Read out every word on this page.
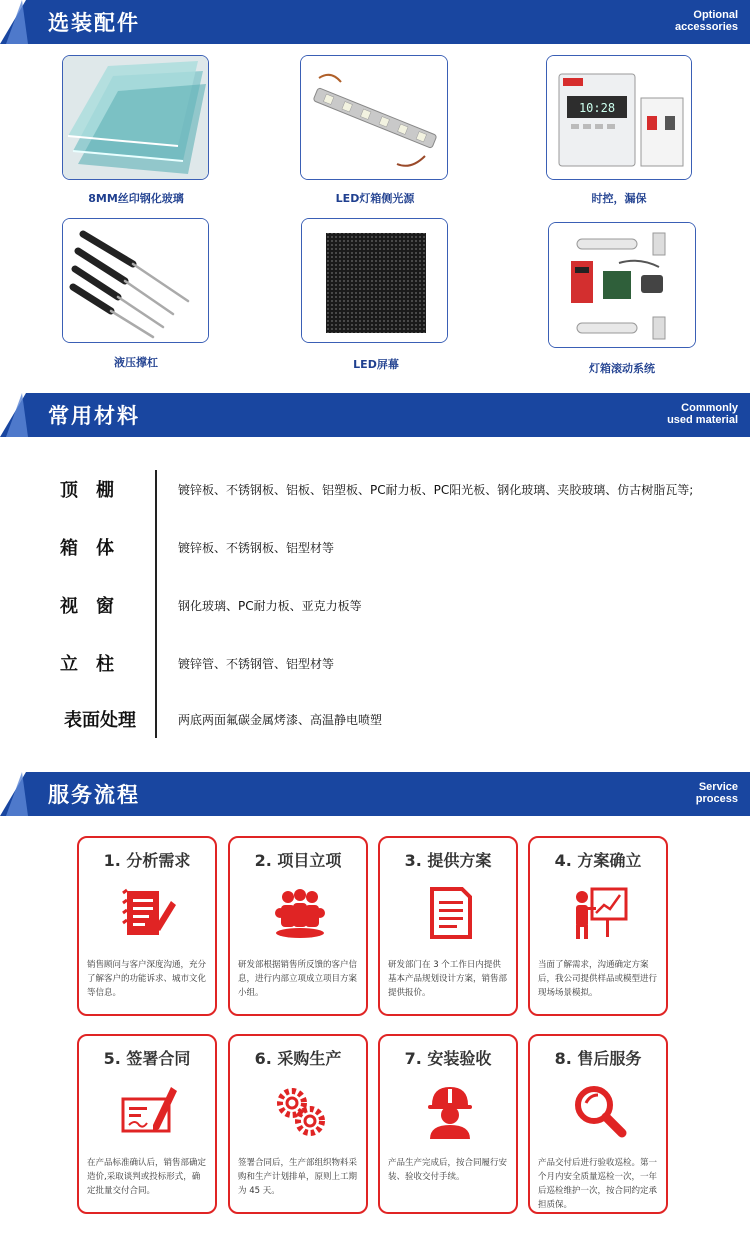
选装配件	Optional
accessories
8MM丝印钢化玻璃	LED灯箱侧光源
10:28
时控，漏保
液压撑杠	LED屏幕	灯箱滚动系统
常用材料	Commonly
used material
顶　棚	镀锌板、不锈钢板、铝板、铝塑板、PC耐力板、PC阳光板、钢化玻璃、夹胶玻璃、仿古树脂瓦等;
箱　体	镀锌板、不锈钢板、铝型材等
视　窗	钢化玻璃、PC耐力板、亚克力板等
立　柱	镀锌管、不锈钢管、铝型材等
表面处理	两底两面氟碳金属烤漆、高温静电喷塑
服务流程	Service
process
1. 分析需求
销售顾问与客户深度沟通，充分了解客户的功能诉求、城市文化等信息。
2. 项目立项
研发部根据销售所反馈的客户信息，进行内部立项成立项目方案小组。
3. 提供方案
研发部门在 3 个工作日内提供基本产品规划设计方案，销售部提供报价。
4. 方案确立
当面了解需求，沟通确定方案后，我公司提供样品或模型进行现场场景模拟。
5. 签署合同
在产品标准确认后，销售部确定造价,采取谈判或投标形式，确定批量交付合同。
6. 采购生产
签署合同后，生产部组织物料采购和生产计划排单，原则上工期为 45 天。
7. 安装验收
产品生产完成后，按合同履行安装、验收交付手续。
8. 售后服务
产品交付后进行验收巡检。第一个月内安全质量巡检一次，一年后巡检维护一次，按合同约定承担质保。
